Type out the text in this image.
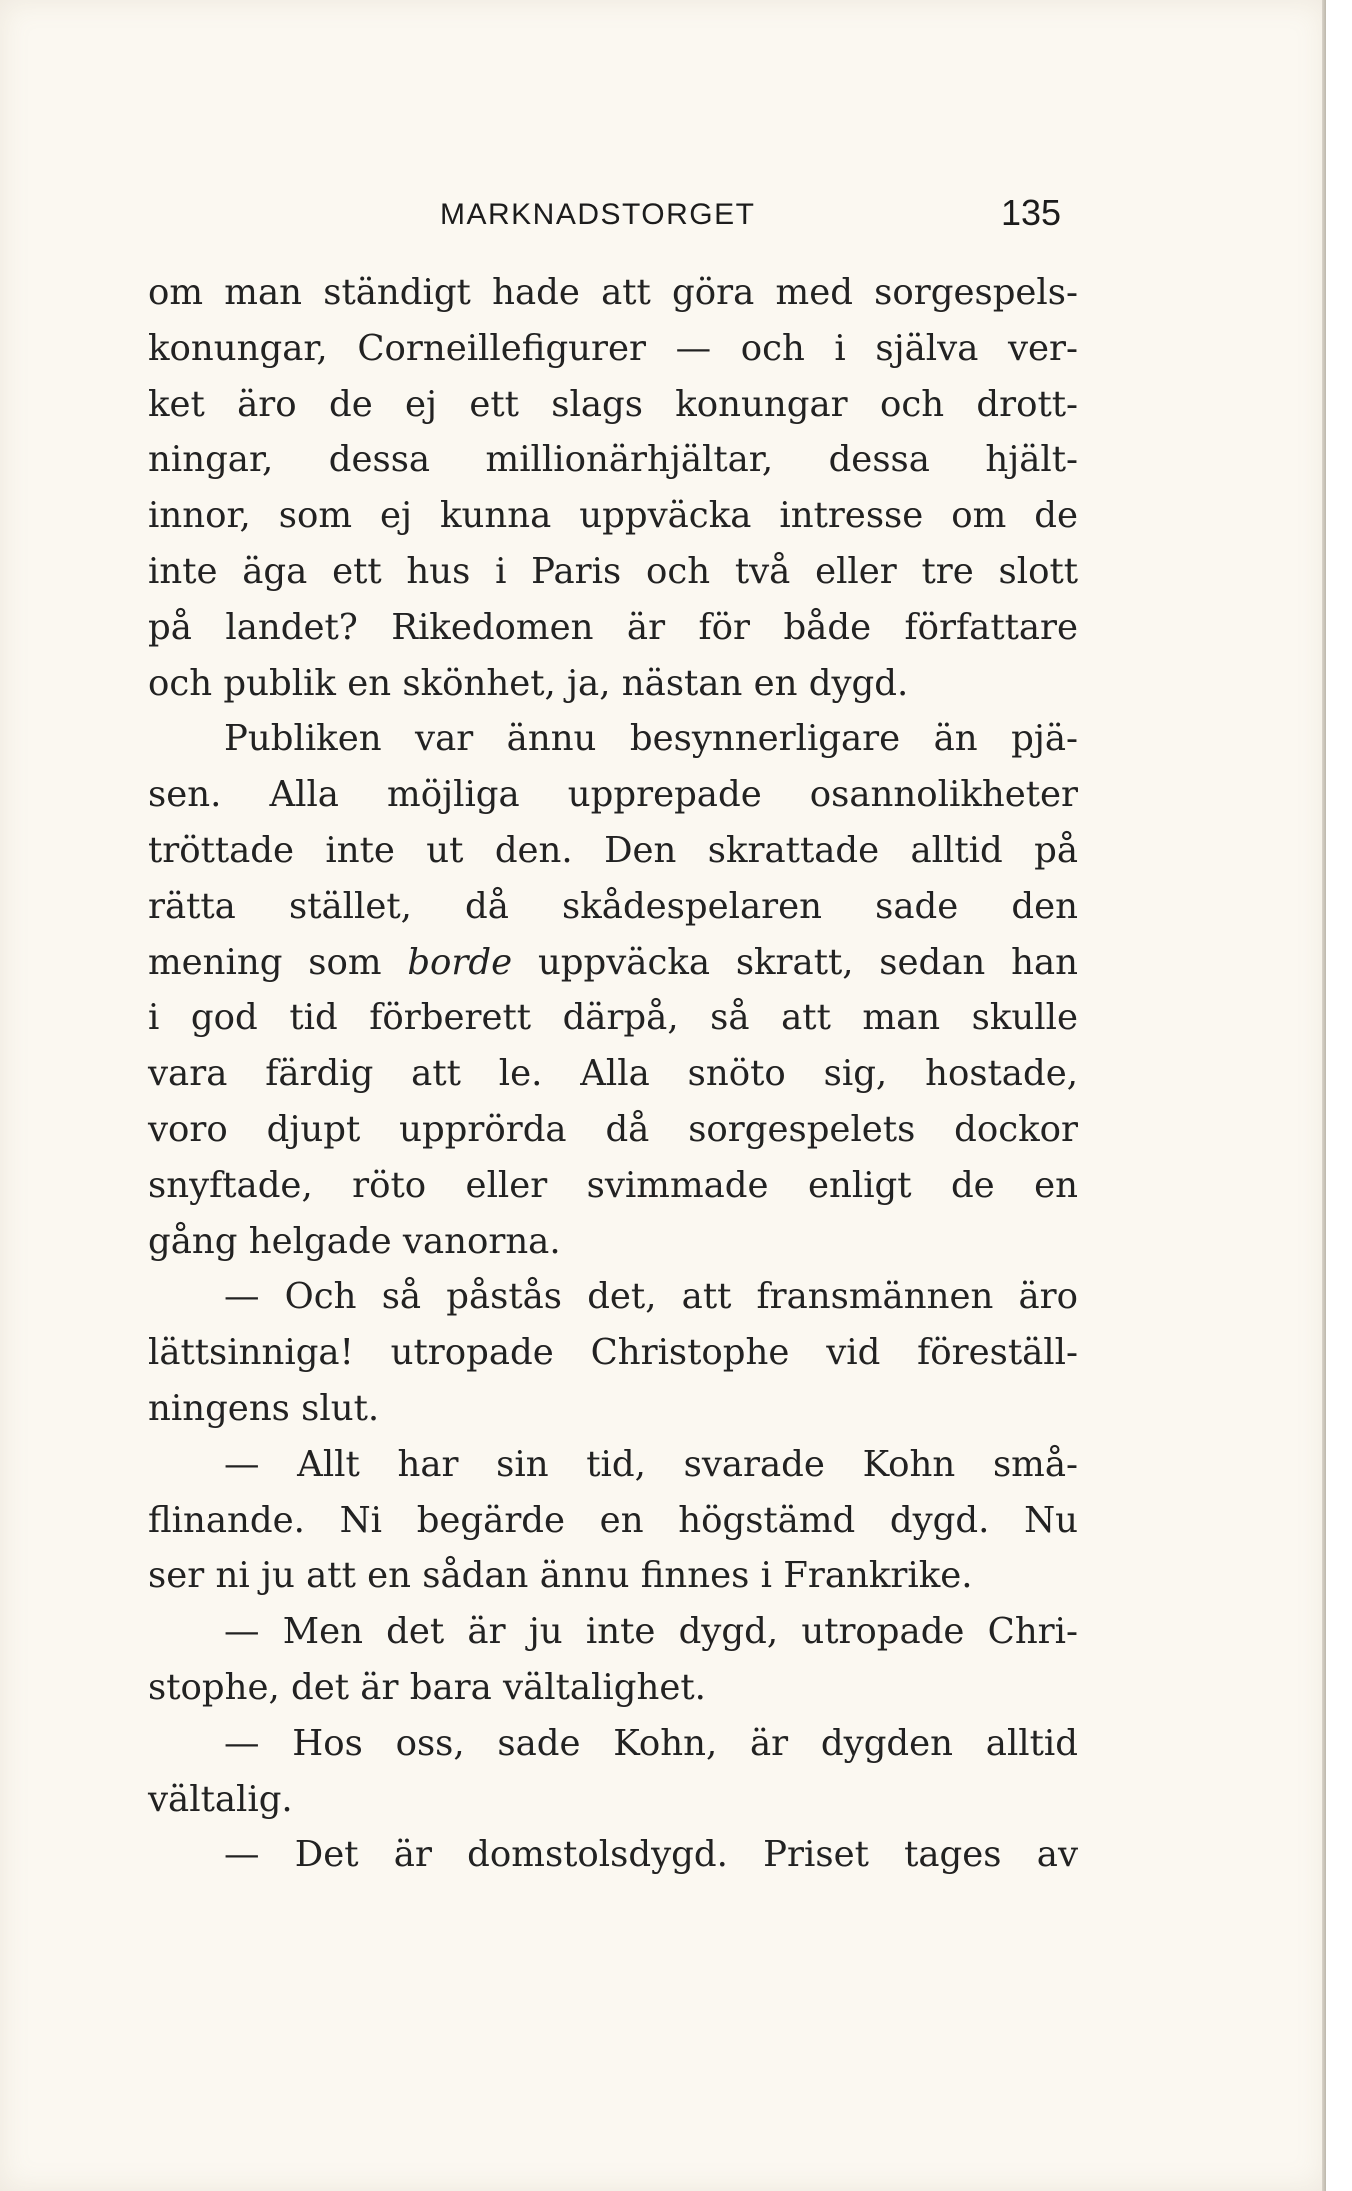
MARKNADSTORGET	135
om man ständigt hade att göra med sorgespels-
konungar, Corneillefigurer — och i själva ver-
ket äro de ej ett slags konungar och drott-
ningar, dessa millionärhjältar, dessa hjält-
innor, som ej kunna uppväcka intresse om de
inte äga ett hus i Paris och två eller tre slott
på landet? Rikedomen är för både författare
och publik en skönhet, ja, nästan en dygd.
Publiken var ännu besynnerligare än pjä-
sen. Alla möjliga upprepade osannolikheter
tröttade inte ut den. Den skrattade alltid på
rätta stället, då skådespelaren sade den
mening som borde uppväcka skratt, sedan han
i god tid förberett därpå, så att man skulle
vara färdig att le. Alla snöto sig, hostade,
voro djupt upprörda då sorgespelets dockor
snyftade, röto eller svimmade enligt de en
gång helgade vanorna.
— Och så påstås det, att fransmännen äro
lättsinniga! utropade Christophe vid föreställ-
ningens slut.
— Allt har sin tid, svarade Kohn små-
flinande. Ni begärde en högstämd dygd. Nu
ser ni ju att en sådan ännu finnes i Frankrike.
— Men det är ju inte dygd, utropade Chri-
stophe, det är bara vältalighet.
— Hos oss, sade Kohn, är dygden alltid
vältalig.
— Det är domstolsdygd. Priset tages av
